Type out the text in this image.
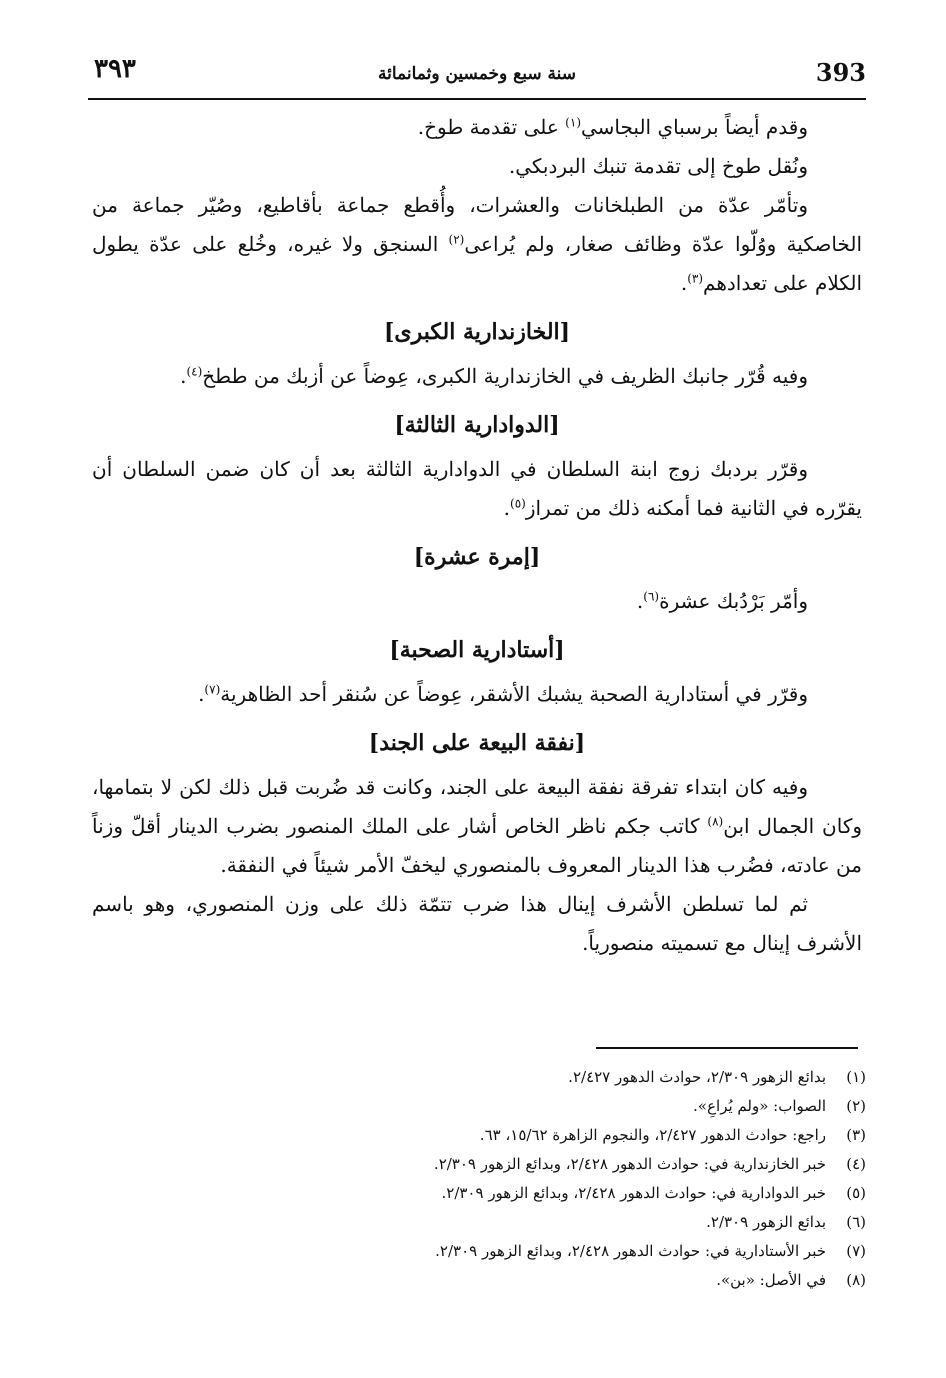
393
سنة سبع وخمسين وثمانمائة
٣٩٣

وقدم أيضاً برسباي البجاسي$^{(١)}$ على تقدمة طوخ.

ونُقل طوخ إلى تقدمة تنبك البردبكي.

وتأمّر عدّة من الطبلخانات والعشرات، وأُقطع جماعة بأقاطيع، وصُيّر جماعة من الخاصكية ووُلّوا عدّة وظائف صغار، ولم يُراعى$^{(٢)}$ السنجق ولا غيره، وخُلع على عدّة يطول الكلام على تعدادهم$^{(٣)}$.

[الخازندارية الكبرى]

وفيه قُرّر جانبك الظريف في الخازندارية الكبرى، عِوضاً عن أزبك من ططخ$^{(٤)}$.

[الدوادارية الثالثة]

وقرّر بردبك زوج ابنة السلطان في الدوادارية الثالثة بعد أن كان ضمن السلطان أن يقرّره في الثانية فما أمكنه ذلك من تمراز$^{(٥)}$.

[إمرة عشرة]

وأمّر بَرْدُبك عشرة$^{(٦)}$.

[أستادارية الصحبة]

وقرّر في أستادارية الصحبة يشبك الأشقر، عِوضاً عن سُنقر أحد الظاهرية$^{(٧)}$.

[نفقة البيعة على الجند]

وفيه كان ابتداء تفرقة نفقة البيعة على الجند، وكانت قد ضُربت قبل ذلك لكن لا بتمامها، وكان الجمال ابن$^{(٨)}$ كاتب جكم ناظر الخاص أشار على الملك المنصور بضرب الدينار أقلّ وزناً من عادته، فضُرب هذا الدينار المعروف بالمنصوري ليخفّ الأمر شيئاً في النفقة.

ثم لما تسلطن الأشرف إينال هذا ضرب تتمّة ذلك على وزن المنصوري، وهو باسم الأشرف إينال مع تسميته منصورياً.

(١)بدائع الزهور ٢/٣٠٩، حوادث الدهور ٢/٤٢٧.

(٢)الصواب: «ولم يُراعِ».

(٣)راجع: حوادث الدهور ٢/٤٢٧، والنجوم الزاهرة ١٥/٦٢، ٦٣.

(٤)خبر الخازندارية في: حوادث الدهور ٢/٤٢٨، وبدائع الزهور ٢/٣٠٩.

(٥)خبر الدوادارية في: حوادث الدهور ٢/٤٢٨، وبدائع الزهور ٢/٣٠٩.

(٦)بدائع الزهور ٢/٣٠٩.

(٧)خبر الأستادارية في: حوادث الدهور ٢/٤٢٨، وبدائع الزهور ٢/٣٠٩.

(٨)في الأصل: «بن».
